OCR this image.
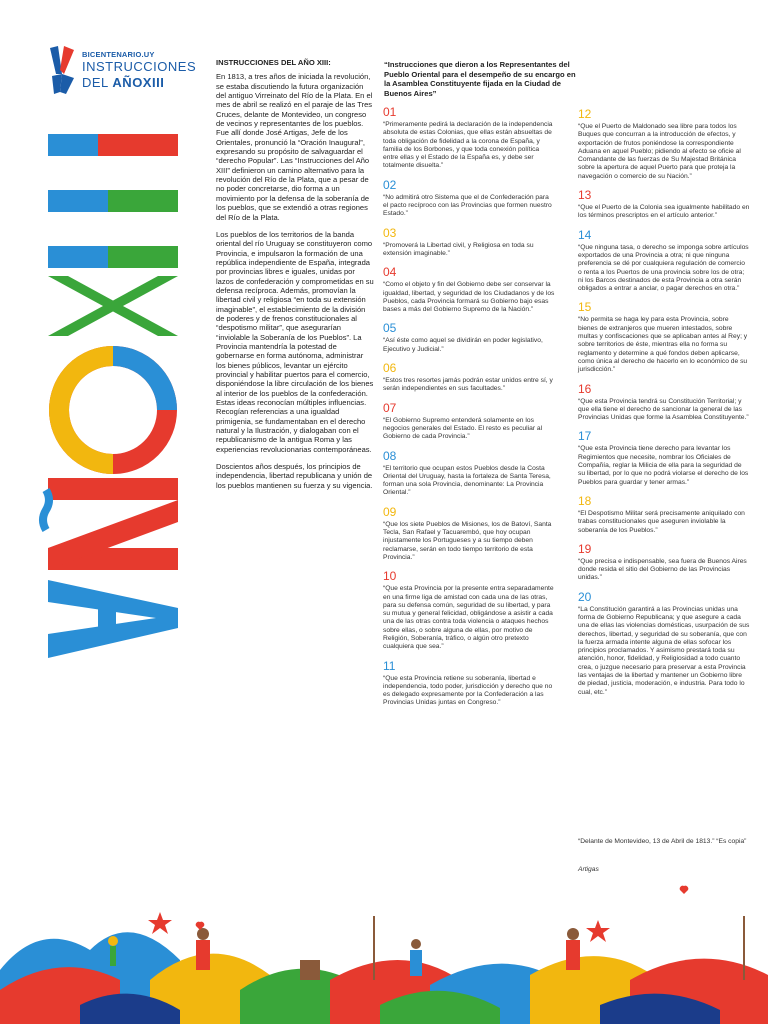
BICENTENARIO.UY
INSTRUCCIONES
DEL AÑOXIII
INSTRUCCIONES DEL AÑO XIII:

En 1813, a tres años de iniciada la revolución, se estaba discutiendo la futura organización del antiguo Virreinato del Río de la Plata. En el mes de abril se realizó en el paraje de las Tres Cruces, delante de Montevideo, un congreso de vecinos y representantes de los pueblos. Fue allí donde José Artigas, Jefe de los Orientales, pronunció la “Oración Inaugural”, expresando su propósito de salvaguardar el “derecho Popular”. Las “Instrucciones del Año XIII” definieron un camino alternativo para la revolución del Río de la Plata, que a pesar de no poder concretarse, dio forma a un movimiento por la defensa de la soberanía de los pueblos, que se extendió a otras regiones del Río de la Plata.

Los pueblos de los territorios de la banda oriental del río Uruguay se constituyeron como Provincia, e impulsaron la formación de una república independiente de España, integrada por provincias libres e iguales, unidas por lazos de confederación y comprometidas en su defensa recíproca. Además, promovían la libertad civil y religiosa “en toda su extensión imaginable”, el establecimiento de la división de poderes y de frenos constitucionales al “despotismo militar”, que asegurarían “inviolable la Soberanía de los Pueblos”. La Provincia mantendría la potestad de gobernarse en forma autónoma, administrar los bienes públicos, levantar un ejército provincial y habilitar puertos para el comercio, disponiéndose la libre circulación de los bienes al interior de los pueblos de la confederación. Estas ideas reconocían múltiples influencias. Recogían referencias a una igualdad primigenia, se fundamentaban en el derecho natural y la Ilustración, y dialogaban con el republicanismo de la antigua Roma y las experiencias revolucionarias contemporáneas.

Doscientos años después, los principios de independencia, libertad republicana y unión de los pueblos mantienen su fuerza y su vigencia.

“Instrucciones que dieron a los Representantes del Pueblo Oriental para el desempeño de su encargo en la Asamblea Constituyente fijada en la Ciudad de Buenos Aires”
01
“Primeramente pedirá la declaración de la independencia absoluta de estas Colonias, que ellas están absueltas de toda obligación de fidelidad a la corona de España, y familia de los Borbones, y que toda conexión política entre ellas y el Estado de la España es, y debe ser totalmente disuelta.”
02
“No admitirá otro Sistema que el de Confederación para el pacto recíproco con las Provincias que formen nuestro Estado.”
03
“Promoverá la Libertad civil, y Religiosa en toda su extensión imaginable.”
04
“Como el objeto y fin del Gobierno debe ser conservar la igualdad, libertad, y seguridad de los Ciudadanos y de los Pueblos, cada Provincia formará su Gobierno bajo esas bases a más del Gobierno Supremo de la Nación.”
05
“Así éste como aquel se dividirán en poder legislativo, Ejecutivo y Judicial.”
06
“Estos tres resortes jamás podrán estar unidos entre sí, y serán independientes en sus facultades.”
07
“El Gobierno Supremo entenderá solamente en los negocios generales del Estado. El resto es peculiar al Gobierno de cada Provincia.”
08
“El territorio que ocupan estos Pueblos desde la Costa Oriental del Uruguay, hasta la fortaleza de Santa Teresa, forman una sola Provincia, denominante: La Provincia Oriental.”
09
“Que los siete Pueblos de Misiones, los de Batoví, Santa Tecla, San Rafael y Tacuarembó, que hoy ocupan injustamente los Portugueses y a su tiempo deben reclamarse, serán en todo tiempo territorio de esta Provincia.”
10
“Que esta Provincia por la presente entra separadamente en una firme liga de amistad con cada una de las otras, para su defensa común, seguridad de su libertad, y para su mutua y general felicidad, obligándose a asistir a cada una de las otras contra toda violencia o ataques hechos sobre ellas, o sobre alguna de ellas, por motivo de Religión, Soberanía, tráfico, o algún otro pretexto cualquiera que sea.”
11
“Que esta Provincia retiene su soberanía, libertad e independencia, todo poder, jurisdicción y derecho que no es delegado expresamente por la Confederación a las Provincias Unidas juntas en Congreso.”
12
“Que el Puerto de Maldonado sea libre para todos los Buques que concurran a la introducción de efectos, y exportación de frutos poniéndose la correspondiente Aduana en aquel Pueblo; pidiendo al efecto se oficie al Comandante de las fuerzas de Su Majestad Británica sobre la apertura de aquel Puerto para que proteja la navegación o comercio de su Nación.”
13
“Que el Puerto de la Colonia sea igualmente habilitado en los términos prescriptos en el artículo anterior.”
14
“Que ninguna tasa, o derecho se imponga sobre artículos exportados de una Provincia a otra; ni que ninguna preferencia se dé por cualquiera regulación de comercio o renta a los Puertos de una provincia sobre los de otra; ni los Barcos destinados de esta Provincia a otra serán obligados a entrar a anclar, o pagar derechos en otra.”
15
“No permita se haga ley para esta Provincia, sobre bienes de extranjeros que mueren intestados, sobre multas y confiscaciones que se aplicaban antes al Rey; y sobre territorios de éste, mientras ella no forma su reglamento y determine a qué fondos deben aplicarse, como única al derecho de hacerlo en lo económico de su jurisdicción.”
16
“Que esta Provincia tendrá su Constitución Territorial; y que ella tiene el derecho de sancionar la general de las Provincias Unidas que forme la Asamblea Constituyente.”
17
“Que esta Provincia tiene derecho para levantar los Regimientos que necesite, nombrar los Oficiales de Compañía, reglar la Milicia de ella para la seguridad de su libertad, por lo que no podrá violarse el derecho de los Pueblos para guardar y tener armas.”
18
“El Despotismo Militar será precisamente aniquilado con trabas constitucionales que aseguren inviolable la soberanía de los Pueblos.”
19
“Que precisa e indispensable, sea fuera de Buenos Aires donde resida el sitio del Gobierno de las Provincias unidas.”
20
“La Constitución garantirá a las Provincias unidas una forma de Gobierno Republicana; y que asegure a cada una de ellas las violencias domésticas, usurpación de sus derechos, libertad, y seguridad de su soberanía, que con la fuerza armada intente alguna de ellas sofocar los principios proclamados. Y asimismo prestará toda su atención, honor, fidelidad, y Religiosidad a todo cuanto crea, o juzgue necesario para preservar a esta Provincia las ventajas de la libertad y mantener un Gobierno libre de piedad, justicia, moderación, e industria. Para todo lo cual, etc.”
“Delante de Montevideo, 13 de Abril de 1813.” “Es copia”
Artigas
